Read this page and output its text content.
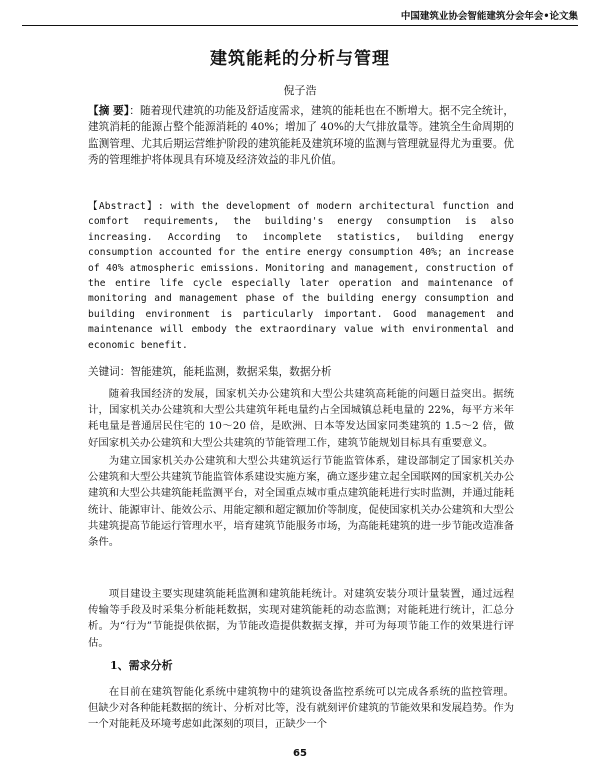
中国建筑业协会智能建筑分会年会•论文集
建筑能耗的分析与管理
倪子浩
【摘 要】：随着现代建筑的功能及舒适度需求，建筑的能耗也在不断增大。据不完全统计，建筑消耗的能源占整个能源消耗的 40%；增加了 40%的大气排放量等。建筑全生命周期的监测管理、尤其后期运营维护阶段的建筑能耗及建筑环境的监测与管理就显得尤为重要。优秀的管理维护将体现具有环境及经济效益的非凡价值。
【Abstract】: with the development of modern architectural function and comfort requirements, the building's energy consumption is also increasing. According to incomplete statistics, building energy consumption accounted for the entire energy consumption 40%; an increase of 40% atmospheric emissions. Monitoring and management, construction of the entire life cycle especially later operation and maintenance of monitoring and management phase of the building energy consumption and building environment is particularly important. Good management and maintenance will embody the extraordinary value with environmental and economic benefit.
关键词：智能建筑，能耗监测，数据采集，数据分析
随着我国经济的发展，国家机关办公建筑和大型公共建筑高耗能的问题日益突出。据统计，国家机关办公建筑和大型公共建筑年耗电量约占全国城镇总耗电量的 22%，每平方米年耗电量是普通居民住宅的 10～20 倍，是欧洲、日本等发达国家同类建筑的 1.5～2 倍，做好国家机关办公建筑和大型公共建筑的节能管理工作，建筑节能规划目标具有重要意义。
为建立国家机关办公建筑和大型公共建筑运行节能监管体系，建设部制定了国家机关办公建筑和大型公共建筑节能监管体系建设实施方案，确立逐步建立起全国联网的国家机关办公建筑和大型公共建筑能耗监测平台，对全国重点城市重点建筑能耗进行实时监测，并通过能耗统计、能源审计、能效公示、用能定额和超定额加价等制度，促使国家机关办公建筑和大型公共建筑提高节能运行管理水平，培育建筑节能服务市场，为高能耗建筑的进一步节能改造准备条件。
项目建设主要实现建筑能耗监测和建筑能耗统计。对建筑安装分项计量装置，通过远程传输等手段及时采集分析能耗数据，实现对建筑能耗的动态监测；对能耗进行统计，汇总分析。为“行为”节能提供依据，为节能改造提供数据支撑，并可为每项节能工作的效果进行评估。
1、需求分析
在目前在建筑智能化系统中建筑物中的建筑设备监控系统可以完成各系统的监控管理。但缺少对各种能耗数据的统计、分析对比等，没有就刻评价建筑的节能效果和发展趋势。作为一个对能耗及环境考虑如此深刻的项目，正缺少一个
65
